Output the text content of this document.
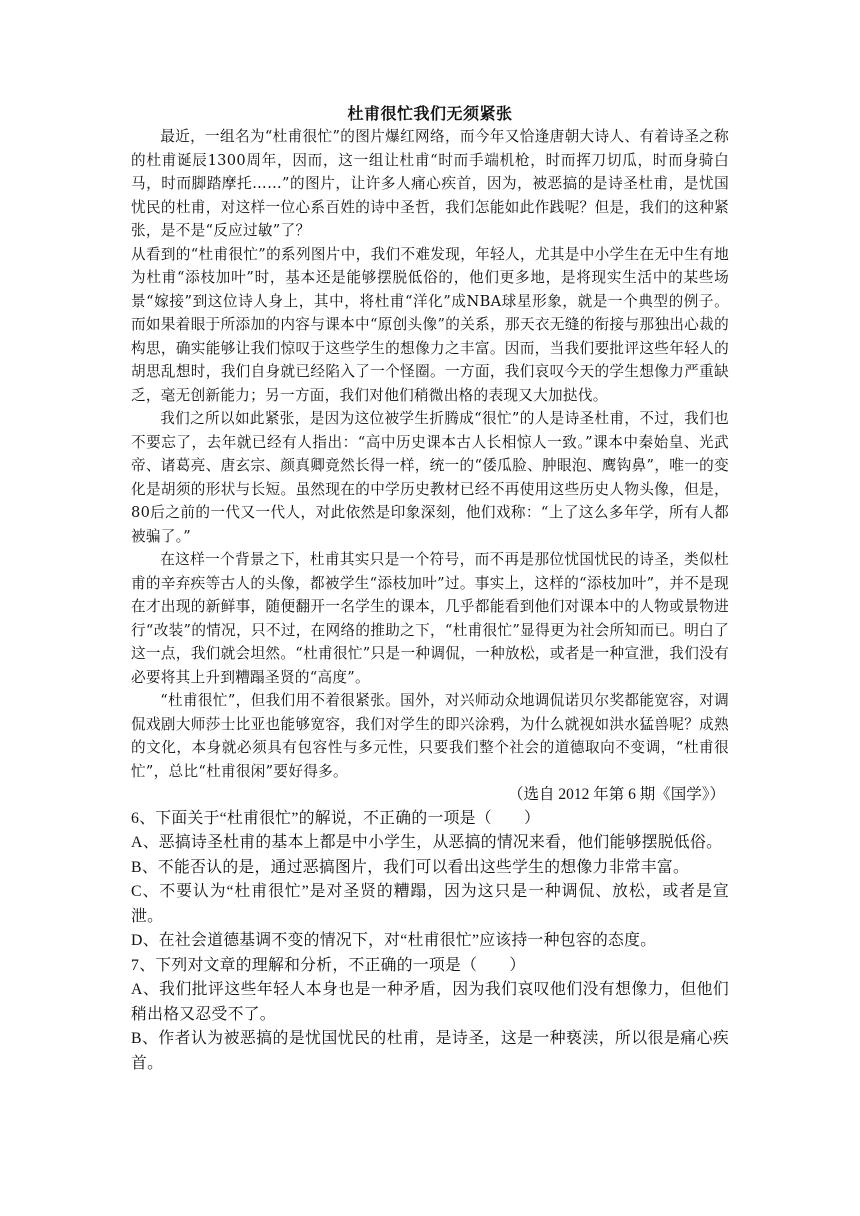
杜甫很忙我们无须紧张

最近，一组名为“杜甫很忙”的图片爆红网络，而今年又恰逢唐朝大诗人、有着诗圣之称的杜甫诞辰1300周年，因而，这一组让杜甫“时而手端机枪，时而挥刀切瓜，时而身骑白马，时而脚踏摩托……”的图片，让许多人痛心疾首，因为，被恶搞的是诗圣杜甫，是忧国忧民的杜甫，对这样一位心系百姓的诗中圣哲，我们怎能如此作践呢？但是，我们的这种紧张，是不是“反应过敏”了？

从看到的“杜甫很忙”的系列图片中，我们不难发现，年轻人，尤其是中小学生在无中生有地为杜甫“添枝加叶”时，基本还是能够摆脱低俗的，他们更多地，是将现实生活中的某些场景“嫁接”到这位诗人身上，其中，将杜甫“洋化”成NBA球星形象，就是一个典型的例子。而如果着眼于所添加的内容与课本中“原创头像”的关系，那天衣无缝的衔接与那独出心裁的构思，确实能够让我们惊叹于这些学生的想像力之丰富。因而，当我们要批评这些年轻人的胡思乱想时，我们自身就已经陷入了一个怪圈。一方面，我们哀叹今天的学生想像力严重缺乏，毫无创新能力；另一方面，我们对他们稍微出格的表现又大加挞伐。

我们之所以如此紧张，是因为这位被学生折腾成“很忙”的人是诗圣杜甫，不过，我们也不要忘了，去年就已经有人指出：“高中历史课本古人长相惊人一致。”课本中秦始皇、光武帝、诸葛亮、唐玄宗、颜真卿竟然长得一样，统一的“倭瓜脸、肿眼泡、鹰钩鼻”，唯一的变化是胡须的形状与长短。虽然现在的中学历史教材已经不再使用这些历史人物头像，但是，80后之前的一代又一代人，对此依然是印象深刻，他们戏称：“上了这么多年学，所有人都被骗了。”

在这样一个背景之下，杜甫其实只是一个符号，而不再是那位忧国忧民的诗圣，类似杜甫的辛弃疾等古人的头像，都被学生“添枝加叶”过。事实上，这样的“添枝加叶”，并不是现在才出现的新鲜事，随便翻开一名学生的课本，几乎都能看到他们对课本中的人物或景物进行“改装”的情况，只不过，在网络的推助之下，“杜甫很忙”显得更为社会所知而已。明白了这一点，我们就会坦然。“杜甫很忙”只是一种调侃，一种放松，或者是一种宣泄，我们没有必要将其上升到糟蹋圣贤的“高度”。

“杜甫很忙”，但我们用不着很紧张。国外，对兴师动众地调侃诺贝尔奖都能宽容，对调侃戏剧大师莎士比亚也能够宽容，我们对学生的即兴涂鸦，为什么就视如洪水猛兽呢？成熟的文化，本身就必须具有包容性与多元性，只要我们整个社会的道德取向不变调，“杜甫很忙”，总比“杜甫很闲”要好得多。

（选自 2012 年第 6 期《国学》）

6、下面关于“杜甫很忙”的解说，不正确的一项是（　　）

A、恶搞诗圣杜甫的基本上都是中小学生，从恶搞的情况来看，他们能够摆脱低俗。

B、不能否认的是，通过恶搞图片，我们可以看出这些学生的想像力非常丰富。

C、不要认为“杜甫很忙”是对圣贤的糟蹋，因为这只是一种调侃、放松，或者是宣泄。

D、在社会道德基调不变的情况下，对“杜甫很忙”应该持一种包容的态度。

7、下列对文章的理解和分析，不正确的一项是（　　）

A、我们批评这些年轻人本身也是一种矛盾，因为我们哀叹他们没有想像力，但他们稍出格又忍受不了。

B、作者认为被恶搞的是忧国忧民的杜甫，是诗圣，这是一种亵渎，所以很是痛心疾首。
